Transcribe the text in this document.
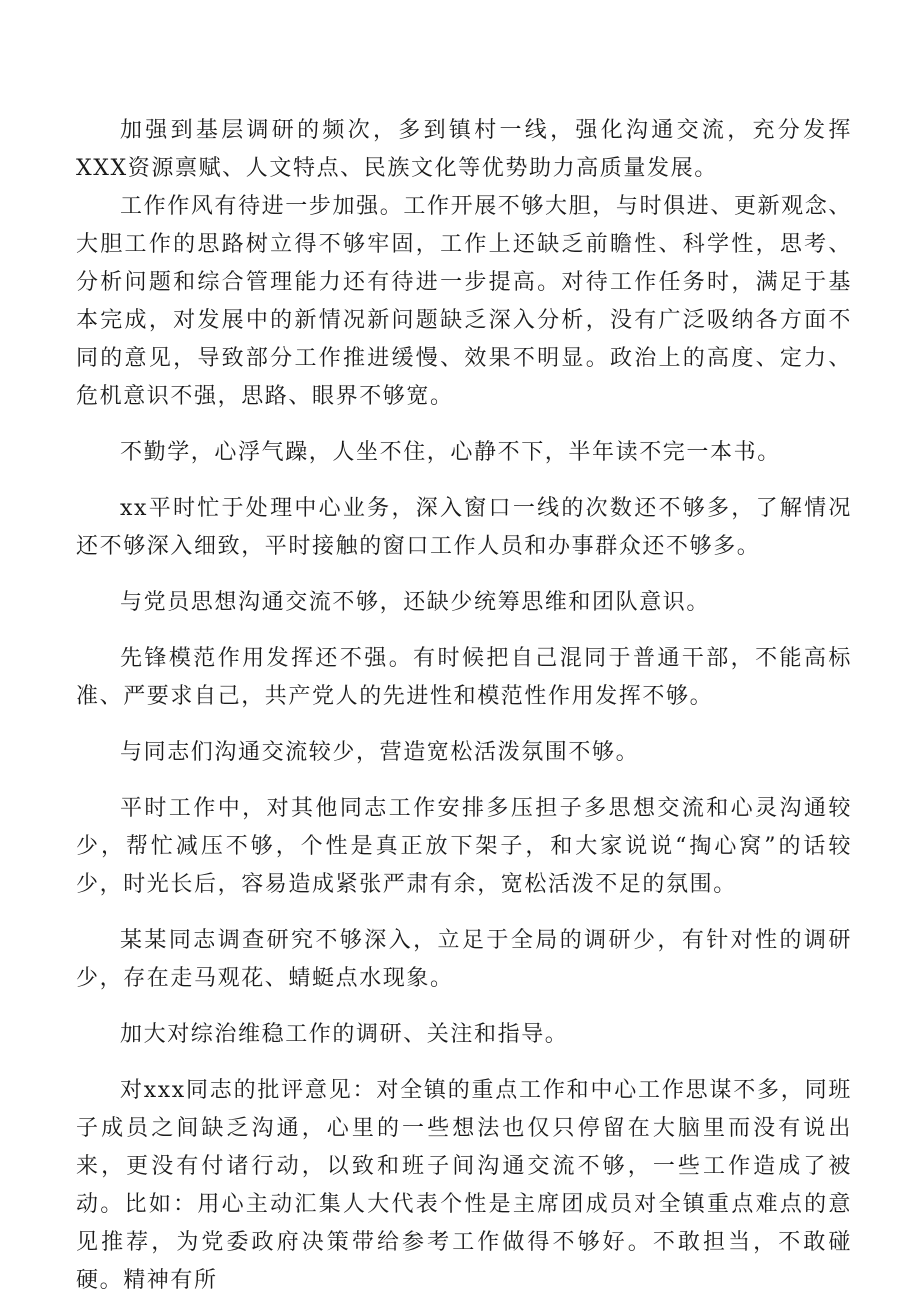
加强到基层调研的频次，多到镇村一线，强化沟通交流，充分发挥XXX资源禀赋、人文特点、民族文化等优势助力高质量发展。

工作作风有待进一步加强。工作开展不够大胆，与时俱进、更新观念、大胆工作的思路树立得不够牢固，工作上还缺乏前瞻性、科学性，思考、分析问题和综合管理能力还有待进一步提高。对待工作任务时，满足于基本完成，对发展中的新情况新问题缺乏深入分析，没有广泛吸纳各方面不同的意见，导致部分工作推进缓慢、效果不明显。政治上的高度、定力、危机意识不强，思路、眼界不够宽。

不勤学，心浮气躁，人坐不住，心静不下，半年读不完一本书。

xx平时忙于处理中心业务，深入窗口一线的次数还不够多，了解情况还不够深入细致，平时接触的窗口工作人员和办事群众还不够多。

与党员思想沟通交流不够，还缺少统筹思维和团队意识。

先锋模范作用发挥还不强。有时候把自己混同于普通干部，不能高标准、严要求自己，共产党人的先进性和模范性作用发挥不够。

与同志们沟通交流较少，营造宽松活泼氛围不够。

平时工作中，对其他同志工作安排多压担子多思想交流和心灵沟通较少，帮忙减压不够，个性是真正放下架子，和大家说说“掏心窝”的话较少，时光长后，容易造成紧张严肃有余，宽松活泼不足的氛围。

某某同志调查研究不够深入，立足于全局的调研少，有针对性的调研少，存在走马观花、蜻蜓点水现象。

加大对综治维稳工作的调研、关注和指导。

对xxx同志的批评意见：对全镇的重点工作和中心工作思谋不多，同班子成员之间缺乏沟通，心里的一些想法也仅只停留在大脑里而没有说出来，更没有付诸行动，以致和班子间沟通交流不够，一些工作造成了被动。比如：用心主动汇集人大代表个性是主席团成员对全镇重点难点的意见推荐，为党委政府决策带给参考工作做得不够好。不敢担当，不敢碰硬。精神有所
